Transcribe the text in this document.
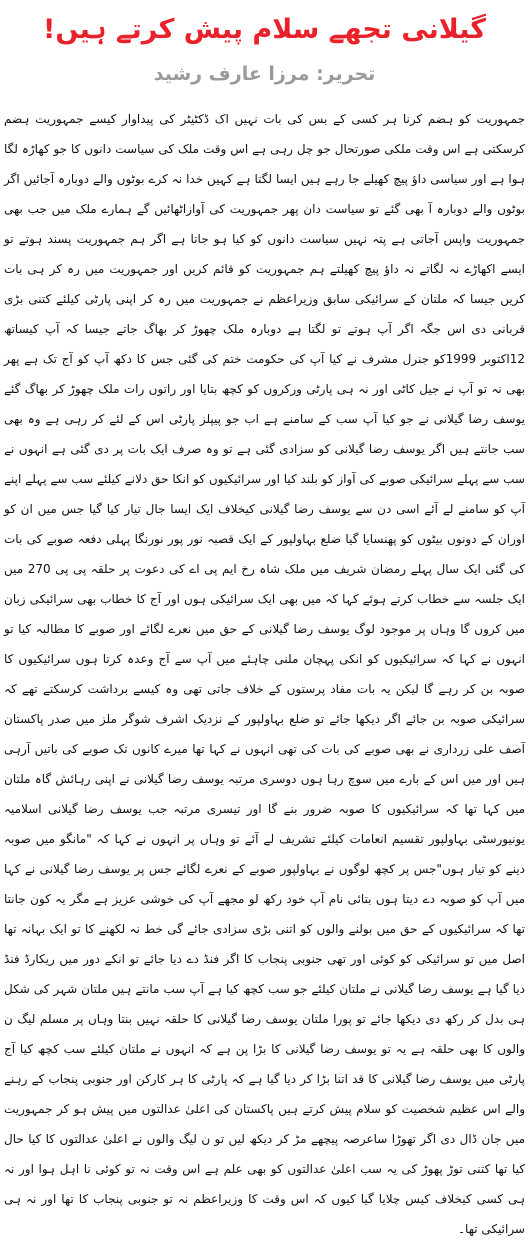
گیلانی تجھے سلام پیش کرتے ہیں!
تحریر: مرزا عارف رشید

جمہوریت کو ہضم کرنا ہر کسی کے بس کی بات نہیں اک ڈکٹیٹر کی پیداوار کیسے جمہوریت ہضم کرسکتی ہے اس وقت ملکی صورتحال جو چل رہی ہے اس وقت ملک کی سیاست دانوں کا جو کھاڑہ لگا ہوا ہے اور سیاسی داؤ پیچ کھیلے جا رہے ہیں ایسا لگتا ہے کہیں خدا نہ کرے بوٹوں والے دوبارہ آجائیں اگر بوٹوں والے دوبارہ آ بھی گئے تو سیاست دان پھر جمہوریت کی آوازاٹھائیں گے ہمارے ملک میں جب بھی جمہوریت واپس آجاتی ہے پتہ نہیں سیاست دانوں کو کیا ہو جاتا ہے اگر ہم جمہوریت پسند ہوتے تو ایسے اکھاڑے نہ لگاتے نہ داؤ پیچ کھیلتے ہم جمہوریت کو قائم کریں اور جمہوریت میں رہ کر ہی بات کریں جیسا کہ ملتان کے سرائیکی سابق وزیراعظم نے جمہوریت میں رہ کر اپنی پارٹی کیلئے کتنی بڑی قربانی دی اس جگہ اگر آپ ہوتے تو لگتا ہے دوبارہ ملک چھوڑ کر بھاگ جاتے جیسا کہ آپ کیساتھ 12اکتوبر 1999کو جنرل مشرف نے کیا آپ کی حکومت ختم کی گئی جس کا دکھ آپ کو آج تک ہے پھر بھی نہ تو آپ نے جیل کاٹی اور نہ ہی پارٹی ورکروں کو کچھ بتایا اور راتوں رات ملک چھوڑ کر بھاگ گئے یوسف رضا گیلانی نے جو کیا آپ سب کے سامنے ہے اب جو پیپلز پارٹی اس کے لئے کر رہی ہے وہ بھی سب جانتے ہیں اگر یوسف رضا گیلانی کو سزادی گئی ہے تو وہ صرف ایک بات پر دی گئی ہے انہوں نے سب سے پہلے سرائیکی صوبے کی آواز کو بلند کیا اور سرائیکیوں کو انکا حق دلانے کیلئے سب سے پہلے اپنے آپ کو سامنے لے آئے اسی دن سے یوسف رضا گیلانی کیخلاف ایک ایسا جال تیار کیا گیا جس میں ان کو اوران کے دونوں بیٹوں کو پھنسایا گیا ضلع بہاولپور کے ایک قصبہ نور پور نورنگا پہلی دفعہ صوبے کی بات کی گئی ایک سال پہلے رمضان شریف میں ملک شاہ رخ ایم پی اے کی دعوت پر حلقہ پی پی 270 میں ایک جلسہ سے خطاب کرتے ہوئے کہا کہ میں بھی ایک سرائیکی ہوں اور آج کا خطاب بھی سرائیکی زبان میں کروں گا وہاں پر موجود لوگ یوسف رضا گیلانی کے حق میں نعرے لگائے اور صوبے کا مطالبہ کیا تو انہوں نے کہا کہ سرائیکیوں کو انکی پہچان ملنی چاہئے میں آپ سے آج وعدہ کرتا ہوں سرائیکیوں کا صوبہ بن کر رہے گا لیکن یہ بات مفاد پرستوں کے خلاف جاتی تھی وہ کیسے برداشت کرسکتے تھے کہ سرائیکی صوبہ بن جائے اگر دیکھا جائے تو ضلع بہاولپور کے نزدیک اشرف شوگر ملز میں صدر پاکستان آصف علی زرداری نے بھی صوبے کی بات کی تھی انہوں نے کہا تھا میرے کانوں تک صوبے کی باتیں آرہی ہیں اور میں اس کے بارے میں سوچ رہا ہوں دوسری مرتبہ یوسف رضا گیلانی نے اپنی رہائش گاہ ملتان میں کہا تھا کہ سرائیکیوں کا صوبہ ضرور بنے گا اور تیسری مرتبہ جب یوسف رضا گیلانی اسلامیہ یونیورسٹی بہاولپور تقسیم انعامات کیلئے تشریف لے آئے تو وہاں پر انہوں نے کہا کہ "مانگو میں صوبہ دینے کو تیار ہوں"جس پر کچھ لوگوں نے بہاولپور صوبے کے نعرے لگائے جس پر یوسف رضا گیلانی نے کہا میں آپ کو صوبہ دے دیتا ہوں بتائی نام آپ خود رکھ لو مجھے آپ کی خوشی عزیز ہے مگر یہ کون جانتا تھا کہ سرائیکیوں کے حق میں بولنے والوں کو اتنی بڑی سزادی جائے گی خط نہ لکھنے کا تو ایک بہانہ تھا اصل میں تو سرائیکی کو کوئی اور تھی جنوبی پنجاب کا اگر فنڈ دے دیا جائے تو انکے دور میں ریکارڈ فنڈ دیا گیا ہے یوسف رضا گیلانی نے ملتان کیلئے جو سب کچھ کیا ہے آپ سب مانتے ہیں ملتان شہر کی شکل ہی بدل کر رکھ دی دیکھا جائے تو پورا ملتان یوسف رضا گیلانی کا حلقہ نہیں بنتا وہاں پر مسلم لیگ ن والوں کا بھی حلقہ ہے یہ تو یوسف رضا گیلانی کا بڑا پن ہے کہ انہوں نے ملتان کیلئے سب کچھ کیا آج پارٹی میں یوسف رضا گیلانی کا قد اتنا بڑا کر دیا گیا ہے کہ پارٹی کا ہر کارکن اور جنوبی پنجاب کے رہنے والے اس عظیم شخصیت کو سلام پیش کرتے ہیں پاکستان کی اعلیٰ عدالتوں میں پیش ہو کر جمہوریت میں جان ڈال دی اگر تھوڑا ساعرصہ پیچھے مڑ کر دیکھ لیں تو ن لیگ والوں نے اعلیٰ عدالتوں کا کیا حال کیا تھا کتنی توڑ پھوڑ کی یہ سب اعلیٰ عدالتوں کو بھی علم ہے اس وقت نہ تو کوئی نا اہل ہوا اور نہ ہی کسی کیخلاف کیس چلایا گیا کیوں کہ اس وقت کا وزیراعظم نہ تو جنوبی پنجاب کا تھا اور نہ ہی سرائیکی تھا۔
